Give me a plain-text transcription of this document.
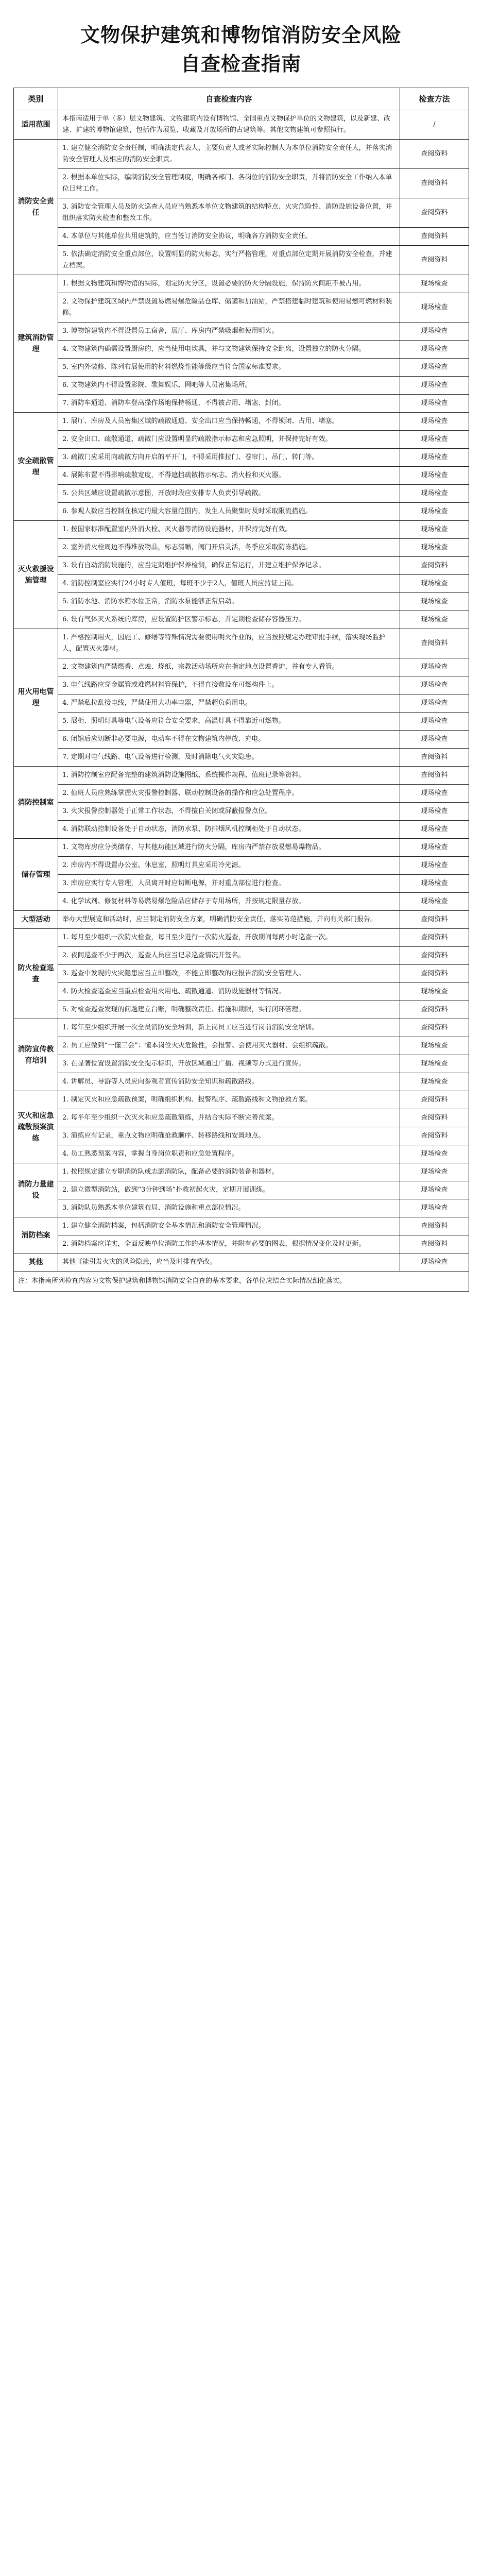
文物保护建筑和博物馆消防安全风险
自查检查指南
类别	自查检查内容	检查方法
适用范围	本指南适用于单（多）层文物建筑、文物建筑内设有博物馆、全国重点文物保护单位的文物建筑，以及新建、改建、扩建的博物馆建筑，包括作为展览、收藏及开放场所的古建筑等。其他文物建筑可参照执行。	/
消防安全责任	1. 建立健全消防安全责任制，明确法定代表人、主要负责人或者实际控制人为本单位消防安全责任人，并落实消防安全管理人及相应的消防安全职责。	查阅资料
	2. 根据本单位实际，编制消防安全管理制度，明确各部门、各岗位的消防安全职责，并将消防安全工作纳入本单位日常工作。	查阅资料
	3. 消防安全管理人员及防火巡查人员应当熟悉本单位文物建筑的结构特点、火灾危险性、消防设施设备位置，并组织落实防火检查和整改工作。	查阅资料
	4. 本单位与其他单位共用建筑的，应当签订消防安全协议，明确各方消防安全责任。	查阅资料
	5. 依法确定消防安全重点部位，设置明显的防火标志，实行严格管理，对重点部位定期开展消防安全检查，并建立档案。	查阅资料
建筑消防管理	1. 根据文物建筑和博物馆的实际，划定防火分区，设置必要的防火分隔设施，保持防火间距不被占用。	现场检查
	2. 文物保护建筑区域内严禁设置易燃易爆危险品仓库、储罐和加油站，严禁搭建临时建筑和使用易燃可燃材料装修。	现场检查
	3. 博物馆建筑内不得设置员工宿舍，展厅、库房内严禁吸烟和使用明火。	现场检查
	4. 文物建筑内确需设置厨房的，应当使用电炊具，并与文物建筑保持安全距离，设置独立的防火分隔。	现场检查
	5. 室内外装修、陈列布展使用的材料燃烧性能等级应当符合国家标准要求。	现场检查
	6. 文物建筑内不得设置影院、歌舞娱乐、网吧等人员密集场所。	现场检查
	7. 消防车通道、消防车登高操作场地保持畅通，不得被占用、堵塞、封闭。	现场检查
安全疏散管理	1. 展厅、库房及人员密集区域的疏散通道、安全出口应当保持畅通，不得锁闭、占用、堵塞。	现场检查
	2. 安全出口、疏散通道、疏散门应设置明显的疏散指示标志和应急照明，并保持完好有效。	现场检查
	3. 疏散门应采用向疏散方向开启的平开门，不得采用推拉门、卷帘门、吊门、转门等。	现场检查
	4. 展陈布置不得影响疏散宽度，不得遮挡疏散指示标志、消火栓和灭火器。	现场检查
	5. 公共区域应设置疏散示意图，开放时段应安排专人负责引导疏散。	现场检查
	6. 参观人数应当控制在核定的最大容量范围内，发生人员聚集时及时采取限流措施。	现场检查
灭火救援设施管理	1. 按国家标准配置室内外消火栓、灭火器等消防设施器材，并保持完好有效。	现场检查
	2. 室外消火栓周边不得堆放物品，标志清晰，阀门开启灵活，冬季应采取防冻措施。	现场检查
	3. 设有自动消防设施的，应当定期维护保养检测，确保正常运行，并建立维护保养记录。	查阅资料
	4. 消防控制室应实行24小时专人值班，每班不少于2人，值班人员应持证上岗。	现场检查
	5. 消防水池、消防水箱水位正常，消防水泵能够正常启动。	现场检查
	6. 设有气体灭火系统的库房，应设置防护区警示标志，并定期检查储存容器压力。	现场检查
用火用电管理	1. 严格控制用火，因施工、修缮等特殊情况需要使用明火作业的，应当按照规定办理审批手续，落实现场监护人，配置灭火器材。	查阅资料
	2. 文物建筑内严禁燃香、点烛、烧纸，宗教活动场所应在指定地点设置香炉，并有专人看管。	现场检查
	3. 电气线路应穿金属管或难燃材料管保护，不得直接敷设在可燃构件上。	现场检查
	4. 严禁私拉乱接电线，严禁使用大功率电器，严禁超负荷用电。	现场检查
	5. 展柜、照明灯具等电气设备应符合安全要求，高温灯具不得靠近可燃物。	现场检查
	6. 闭馆后应切断非必要电源，电动车不得在文物建筑内停放、充电。	现场检查
	7. 定期对电气线路、电气设备进行检测，及时消除电气火灾隐患。	查阅资料
消防控制室	1. 消防控制室应配备完整的建筑消防设施图纸、系统操作规程、值班记录等资料。	查阅资料
	2. 值班人员应熟练掌握火灾报警控制器、联动控制设备的操作和应急处置程序。	现场检查
	3. 火灾报警控制器处于正常工作状态，不得擅自关闭或屏蔽报警点位。	现场检查
	4. 消防联动控制设备处于自动状态，消防水泵、防排烟风机控制柜处于自动状态。	现场检查
储存管理	1. 文物库房应分类储存，与其他功能区域进行防火分隔，库房内严禁存放易燃易爆物品。	现场检查
	2. 库房内不得设置办公室、休息室，照明灯具应采用冷光源。	现场检查
	3. 库房应实行专人管理，人员离开时应切断电源，并对重点部位进行检查。	现场检查
	4. 化学试剂、修复材料等易燃易爆危险品应储存于专用场所，并按规定限量存放。	现场检查
大型活动	举办大型展览和活动时，应当制定消防安全方案，明确消防安全责任，落实防范措施，并向有关部门报告。	查阅资料
防火检查巡查	1. 每月至少组织一次防火检查，每日至少进行一次防火巡查，开放期间每两小时巡查一次。	查阅资料
	2. 夜间巡查不少于两次，巡查人员应当记录巡查情况并签名。	查阅资料
	3. 巡查中发现的火灾隐患应当立即整改，不能立即整改的应报告消防安全管理人。	查阅资料
	4. 防火检查巡查应当重点检查用火用电、疏散通道、消防设施器材等情况。	现场检查
	5. 对检查巡查发现的问题建立台账，明确整改责任、措施和期限，实行闭环管理。	查阅资料
消防宣传教育培训	1. 每年至少组织开展一次全员消防安全培训，新上岗员工应当进行岗前消防安全培训。	查阅资料
	2. 员工应做到“一懂三会”：懂本岗位火灾危险性，会报警、会使用灭火器材、会组织疏散。	现场检查
	3. 在显著位置设置消防安全提示标识，开放区域通过广播、视频等方式进行宣传。	现场检查
	4. 讲解员、导游等人员应向参观者宣传消防安全知识和疏散路线。	现场检查
灭火和应急疏散预案演练	1. 制定灭火和应急疏散预案，明确组织机构、报警程序、疏散路线和文物抢救方案。	查阅资料
	2. 每半年至少组织一次灭火和应急疏散演练，并结合实际不断完善预案。	查阅资料
	3. 演练应有记录，重点文物应明确抢救顺序、转移路线和安置地点。	查阅资料
	4. 员工熟悉预案内容，掌握自身岗位职责和应急处置程序。	现场检查
消防力量建设	1. 按照规定建立专职消防队或志愿消防队，配备必要的消防装备和器材。	现场检查
	2. 建立微型消防站，做到“3分钟到场”扑救初起火灾，定期开展训练。	现场检查
	3. 消防队员熟悉本单位建筑布局、消防设施和重点部位情况。	现场检查
消防档案	1. 建立健全消防档案，包括消防安全基本情况和消防安全管理情况。	查阅资料
	2. 消防档案应详实，全面反映单位消防工作的基本情况，并附有必要的图表，根据情况变化及时更新。	查阅资料
其他	其他可能引发火灾的风险隐患，应当及时排查整改。	现场检查
注：本指南所列检查内容为文物保护建筑和博物馆消防安全自查的基本要求，各单位应结合实际情况细化落实。		
